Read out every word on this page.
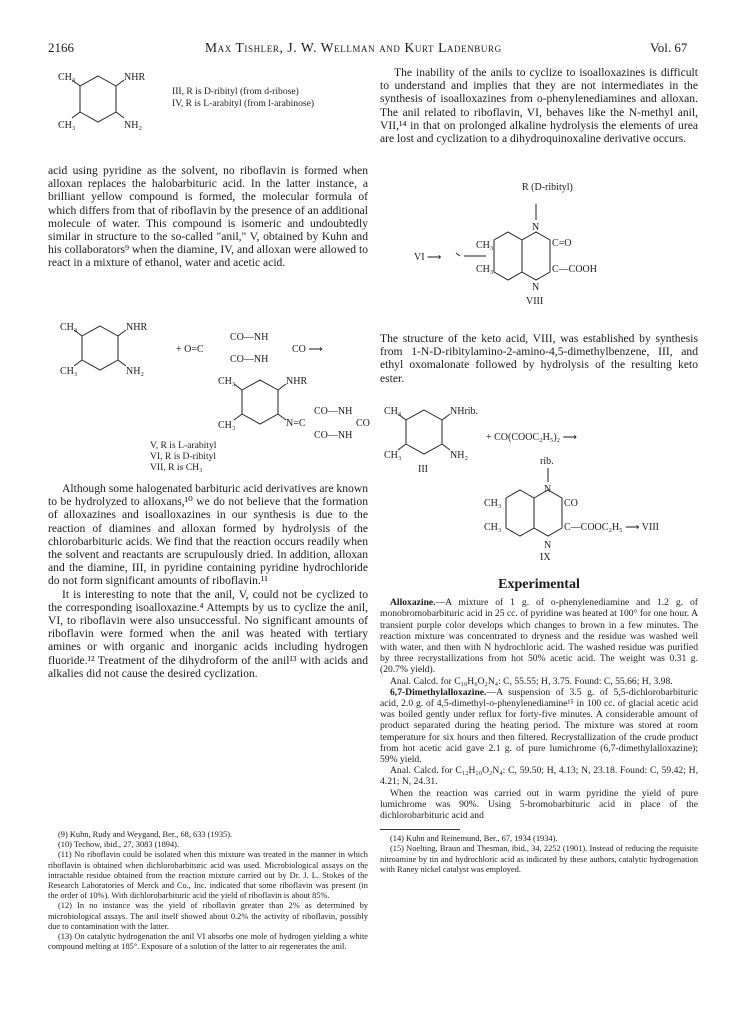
2166	Max Tishler, J. W. Wellman and Kurt Ladenburg	Vol. 67
CH₃	NHR
CH₃	NH₂
III, R is D-ribityl (from d-ribose)
IV, R is L-arabityl (from l-arabinose)

acid using pyridine as the solvent, no riboflavin is formed when alloxan replaces the halobarbituric acid. In the latter instance, a brilliant yellow compound is formed, the molecular formula of which differs from that of riboflavin by the presence of an additional molecule of water. This compound is isomeric and undoubtedly similar in structure to the so-called "anil," V, obtained by Kuhn and his collaborators⁹ when the diamine, IV, and alloxan were allowed to react in a mixture of ethanol, water and acetic acid.

CH₃	NHR
CH₃	NH₂
+ O=C
CO—NH
CO—NH
CO ⟶
CH₃	NHR
CH₃	N=C
CO—NH
CO—NH
CO
V, R is L-arabityl
VI, R is D-ribityl
VII, R is CH₃

Although some halogenated barbituric acid derivatives are known to be hydrolyzed to alloxans,¹⁰ we do not believe that the formation of alloxazines and isoalloxazines in our synthesis is due to the reaction of diamines and alloxan formed by hydrolysis of the chlorobarbituric acids. We find that the reaction occurs readily when the solvent and reactants are scrupulously dried. In addition, alloxan and the diamine, III, in pyridine containing pyridine hydrochloride do not form significant amounts of riboflavin.¹¹

It is interesting to note that the anil, V, could not be cyclized to the corresponding isoalloxazine.⁴ Attempts by us to cyclize the anil, VI, to riboflavin were also unsuccessful. No significant amounts of riboflavin were formed when the anil was heated with tertiary amines or with organic and inorganic acids including hydrogen fluoride.¹² Treatment of the dihydroform of the anil¹³ with acids and alkalies did not cause the desired cyclization.

(9) Kuhn, Rudy and Weygand, Ber., 68, 633 (1935).

(10) Techow, ibid., 27, 3083 (1894).

(11) No riboflavin could be isolated when this mixture was treated in the manner in which riboflavin is obtained when dichlorobarbituric acid was used. Microbiological assays on the intractable residue obtained from the reaction mixture carried out by Dr. J. L. Stokes of the Research Laboratories of Merck and Co., Inc. indicated that some riboflavin was present (in the order of 10%). With dichlorobarbituric acid the yield of riboflavin is about 85%.

(12) In no instance was the yield of riboflavin greater than 2% as determined by microbiological assays. The anil itself showed about 0.2% the activity of riboflavin, possibly due to contamination with the latter.

(13) On catalytic hydrogenation the anil VI absorbs one mole of hydrogen yielding a white compound melting at 185°. Exposure of a solution of the latter to air regenerates the anil.

The inability of the anils to cyclize to isoalloxazines is difficult to understand and implies that they are not intermediates in the synthesis of isoalloxazines from o-phenylenediamines and alloxan. The anil related to riboflavin, VI, behaves like the N-methyl anil, VII,¹⁴ in that on prolonged alkaline hydrolysis the elements of urea are lost and cyclization to a dihydroquinoxaline derivative occurs.

R (D-ribityl)
N
VI ⟶
CH₃	C=O
CH₃	C—COOH
N
VIII

The structure of the keto acid, VIII, was established by synthesis from 1-N-D-ribitylamino-2-amino-4,5-dimethylbenzene, III, and ethyl oxomalonate followed by hydrolysis of the resulting keto ester.

CH₃	NHrib.
CH₃	NH₂
III
+ CO(COOC₂H₅)₂ ⟶
rib.
N
CH₃	CO
CH₃	C—COOC₂H₅ ⟶ VIII
N
IX
Experimental

Alloxazine.—A mixture of 1 g. of o-phenylenediamine and 1.2 g. of monobromobarbituric acid in 25 cc. of pyridine was heated at 100° for one hour. A transient purple color develops which changes to brown in a few minutes. The reaction mixture was concentrated to dryness and the residue was washed well with water, and then with N hydrochloric acid. The washed residue was purified by three recrystallizations from hot 50% acetic acid. The weight was 0.31 g. (20.7% yield).

Anal. Calcd. for C₁₀H₆O₂N₄: C, 55.55; H, 3.75. Found: C, 55.66; H, 3.98.

6,7-Dimethylalloxazine.—A suspension of 3.5 g. of 5,5-dichlorobarbituric acid, 2.0 g. of 4,5-dimethyl-o-phenylenediamine¹⁵ in 100 cc. of glacial acetic acid was boiled gently under reflux for forty-five minutes. A considerable amount of product separated during the heating period. The mixture was stored at room temperature for six hours and then filtered. Recrystallization of the crude product from hot acetic acid gave 2.1 g. of pure lumichrome (6,7-dimethylalloxazine); 59% yield.

Anal. Calcd. for C₁₂H₁₀O₂N₄: C, 59.50; H, 4.13; N, 23.18. Found: C, 59.42; H, 4.21; N, 24.31.

When the reaction was carried out in warm pyridine the yield of pure lumichrome was 90%. Using 5-bromobarbituric acid in place of the dichlorobarbituric acid and

(14) Kuhn and Reinemund, Ber., 67, 1934 (1934).

(15) Noelting, Braun and Thesman, ibid., 34, 2252 (1901). Instead of reducing the requisite nitroamine by tin and hydrochloric acid as indicated by these authors, catalytic hydrogenation with Raney nickel catalyst was employed.
